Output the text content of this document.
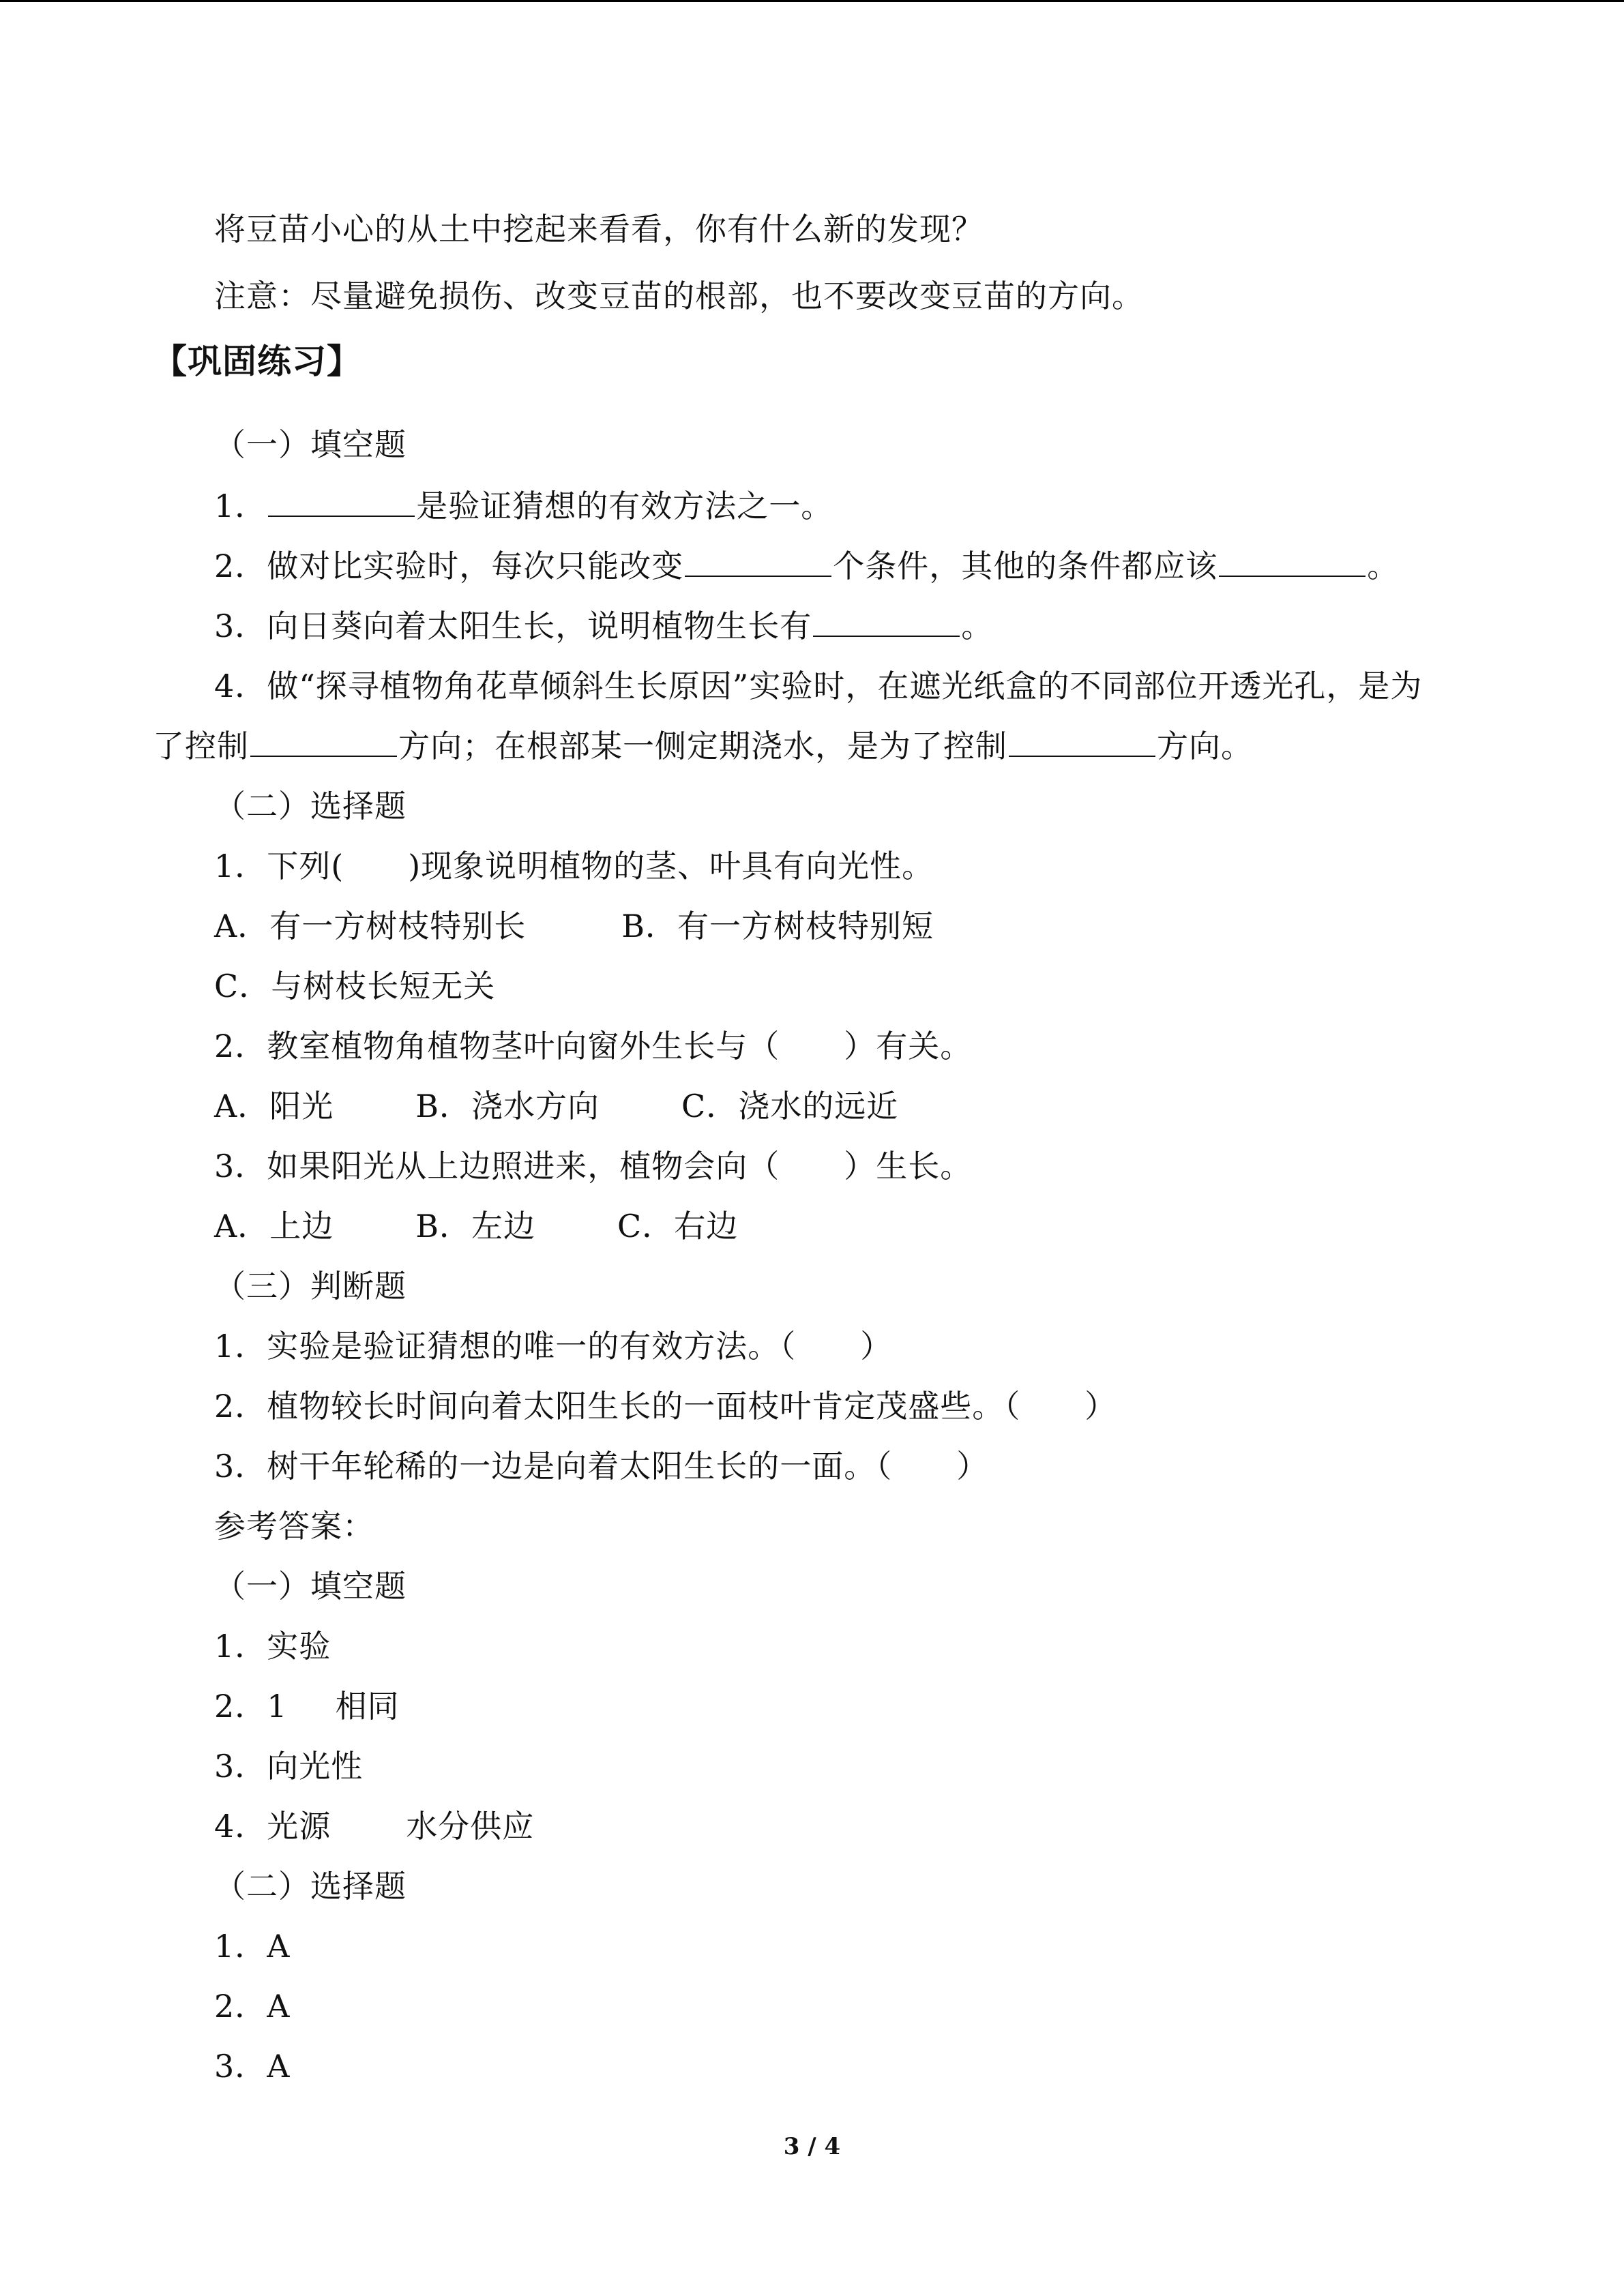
将豆苗小心的从土中挖起来看看，你有什么新的发现？
注意：尽量避免损伤、改变豆苗的根部，也不要改变豆苗的方向。
【巩固练习】
（一）填空题
1．	是验证猜想的有效方法之一。
2．做对比实验时，每次只能改变	个条件，其他的条件都应该	。
3．向日葵向着太阳生长，说明植物生长有	。
4．做“探寻植物角花草倾斜生长原因”实验时，在遮光纸盒的不同部位开透光孔，是为
了控制	方向；在根部某一侧定期浇水，是为了控制	方向。
（二）选择题
1．下列(　　)现象说明植物的茎、叶具有向光性。
A．有一方树枝特别长	B．有一方树枝特别短
C．与树枝长短无关
2．教室植物角植物茎叶向窗外生长与（　　）有关。
A．阳光	B．浇水方向	C．浇水的远近
3．如果阳光从上边照进来，植物会向（　　）生长。
A．上边	B．左边	C．右边
（三）判断题
1．实验是验证猜想的唯一的有效方法。（　　）
2．植物较长时间向着太阳生长的一面枝叶肯定茂盛些。（　　）
3．树干年轮稀的一边是向着太阳生长的一面。（　　）
参考答案：
（一）填空题
1．实验
2．1 相同
3．向光性
4．光源 水分供应
（二）选择题
1．A
2．A
3．A
3 / 4
